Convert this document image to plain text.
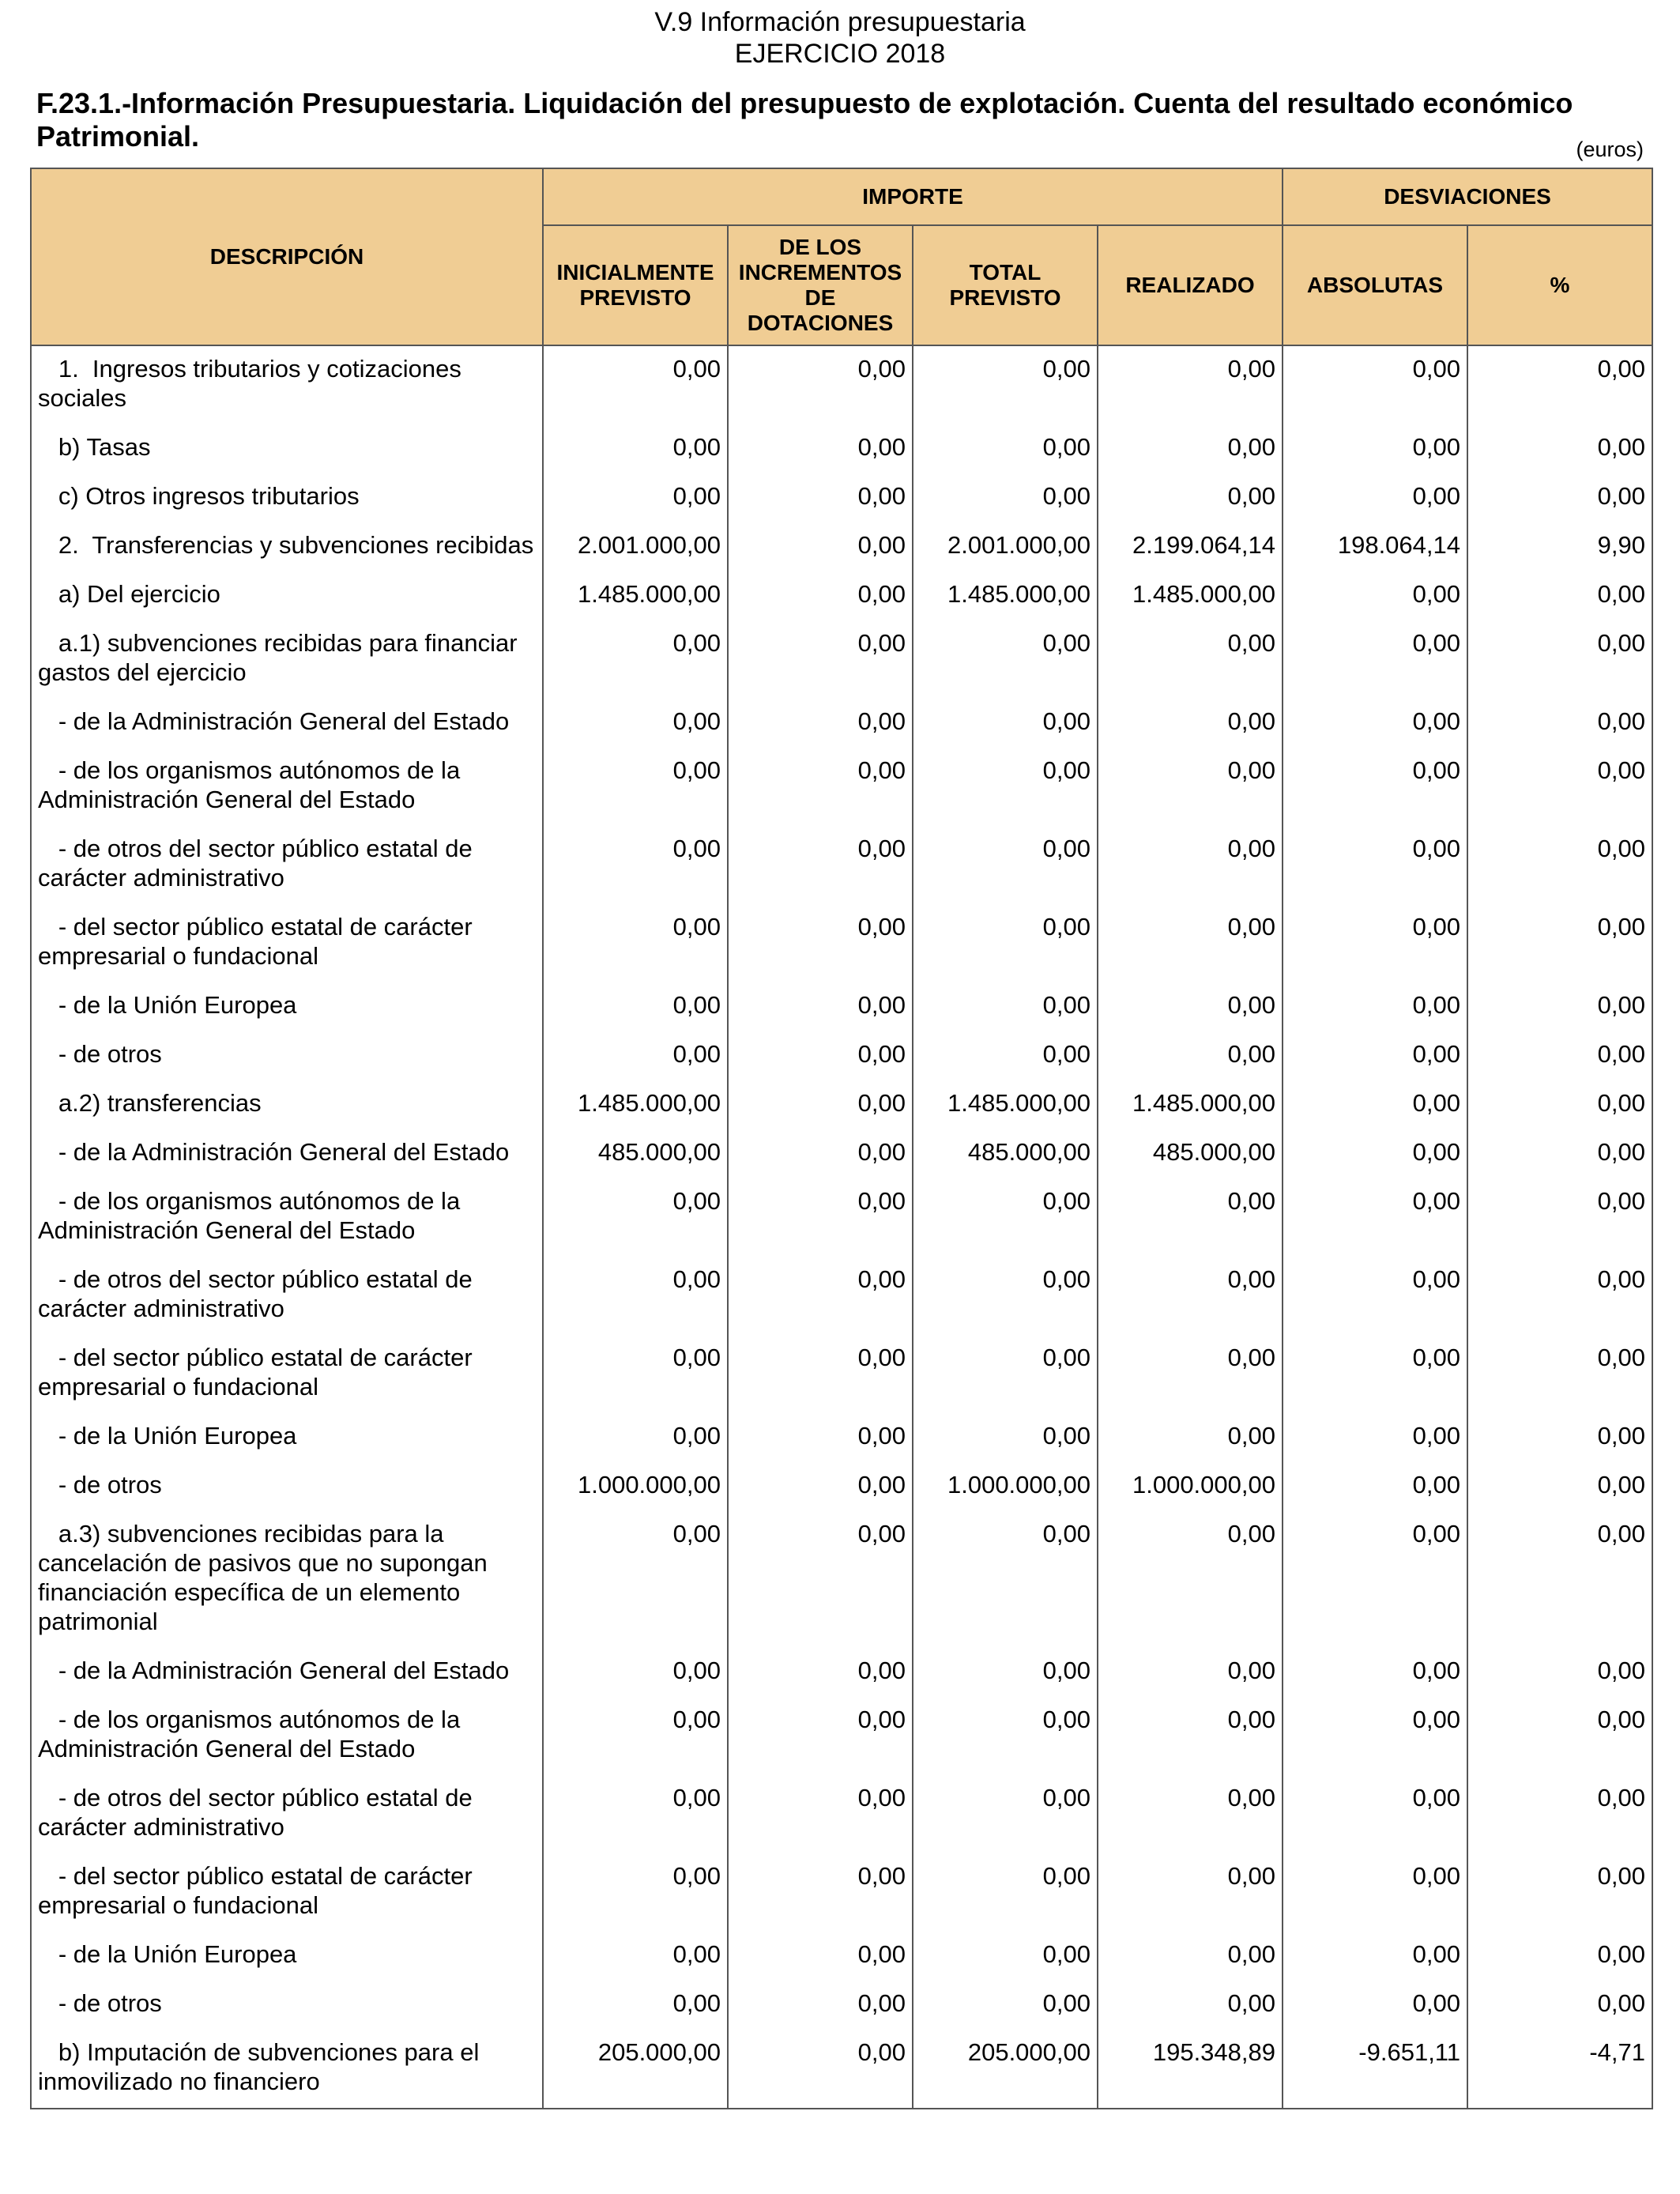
V.9 Información presupuestaria
EJERCICIO 2018
F.23.1.-Información Presupuestaria. Liquidación del presupuesto de explotación. Cuenta del resultado económico Patrimonial.	(euros)
DESCRIPCIÓN	IMPORTE				DESVIACIONES	
	INICIALMENTE PREVISTO	DE LOS INCREMENTOS DE DOTACIONES	TOTAL PREVISTO	REALIZADO	ABSOLUTAS	%
1.  Ingresos tributarios y cotizaciones sociales	0,00	0,00	0,00	0,00	0,00	0,00
b) Tasas	0,00	0,00	0,00	0,00	0,00	0,00
c) Otros ingresos tributarios	0,00	0,00	0,00	0,00	0,00	0,00
2.  Transferencias y subvenciones recibidas	2.001.000,00	0,00	2.001.000,00	2.199.064,14	198.064,14	9,90
a) Del ejercicio	1.485.000,00	0,00	1.485.000,00	1.485.000,00	0,00	0,00
a.1) subvenciones recibidas para financiar gastos del ejercicio	0,00	0,00	0,00	0,00	0,00	0,00
- de la Administración General del Estado	0,00	0,00	0,00	0,00	0,00	0,00
- de los organismos autónomos de la Administración General del Estado	0,00	0,00	0,00	0,00	0,00	0,00
- de otros del sector público estatal de carácter administrativo	0,00	0,00	0,00	0,00	0,00	0,00
- del sector público estatal de carácter empresarial o fundacional	0,00	0,00	0,00	0,00	0,00	0,00
- de la Unión Europea	0,00	0,00	0,00	0,00	0,00	0,00
- de otros	0,00	0,00	0,00	0,00	0,00	0,00
a.2) transferencias	1.485.000,00	0,00	1.485.000,00	1.485.000,00	0,00	0,00
- de la Administración General del Estado	485.000,00	0,00	485.000,00	485.000,00	0,00	0,00
- de los organismos autónomos de la Administración General del Estado	0,00	0,00	0,00	0,00	0,00	0,00
- de otros del sector público estatal de carácter administrativo	0,00	0,00	0,00	0,00	0,00	0,00
- del sector público estatal de carácter empresarial o fundacional	0,00	0,00	0,00	0,00	0,00	0,00
- de la Unión Europea	0,00	0,00	0,00	0,00	0,00	0,00
- de otros	1.000.000,00	0,00	1.000.000,00	1.000.000,00	0,00	0,00
a.3) subvenciones recibidas para la cancelación de pasivos que no supongan financiación específica de un elemento patrimonial	0,00	0,00	0,00	0,00	0,00	0,00
- de la Administración General del Estado	0,00	0,00	0,00	0,00	0,00	0,00
- de los organismos autónomos de la Administración General del Estado	0,00	0,00	0,00	0,00	0,00	0,00
- de otros del sector público estatal de carácter administrativo	0,00	0,00	0,00	0,00	0,00	0,00
- del sector público estatal de carácter empresarial o fundacional	0,00	0,00	0,00	0,00	0,00	0,00
- de la Unión Europea	0,00	0,00	0,00	0,00	0,00	0,00
- de otros	0,00	0,00	0,00	0,00	0,00	0,00
b) Imputación de subvenciones para el inmovilizado no financiero	205.000,00	0,00	205.000,00	195.348,89	-9.651,11	-4,71
